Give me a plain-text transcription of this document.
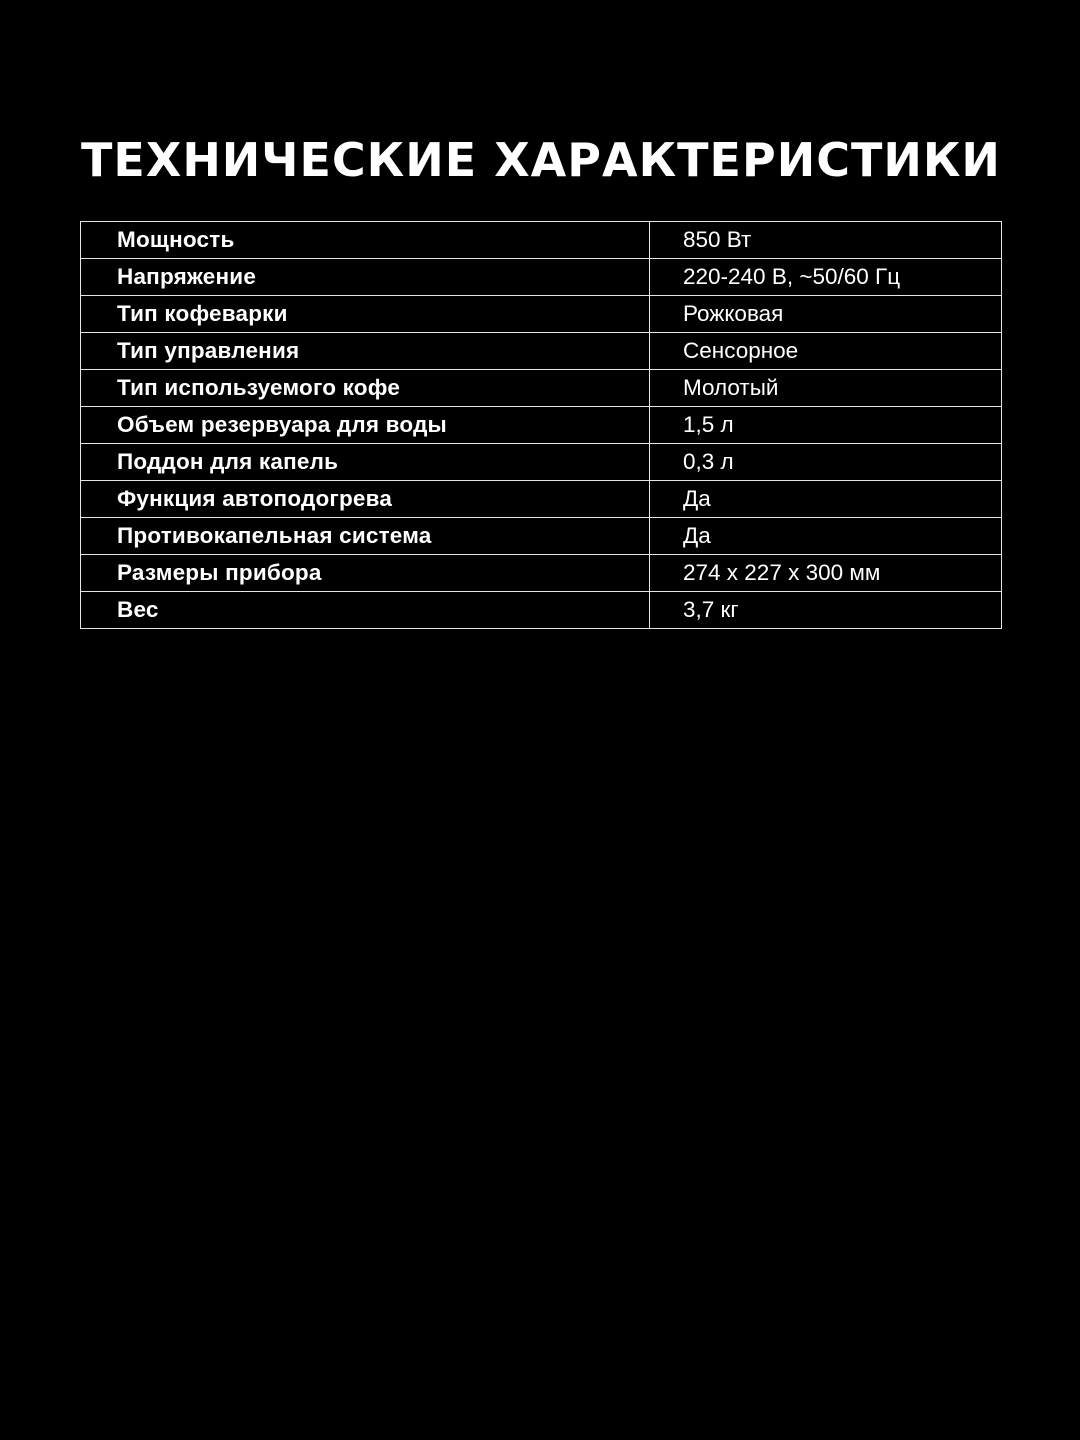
ТЕХНИЧЕСКИЕ ХАРАКТЕРИСТИКИ
Мощность	850 Вт
Напряжение	220-240 В, ~50/60 Гц
Тип кофеварки	Рожковая
Тип управления	Сенсорное
Тип используемого кофе	Молотый
Объем резервуара для воды	1,5 л
Поддон для капель	0,3 л
Функция автоподогрева	Да
Противокапельная система	Да
Размеры прибора	274 х 227 х 300 мм
Вес	3,7 кг
